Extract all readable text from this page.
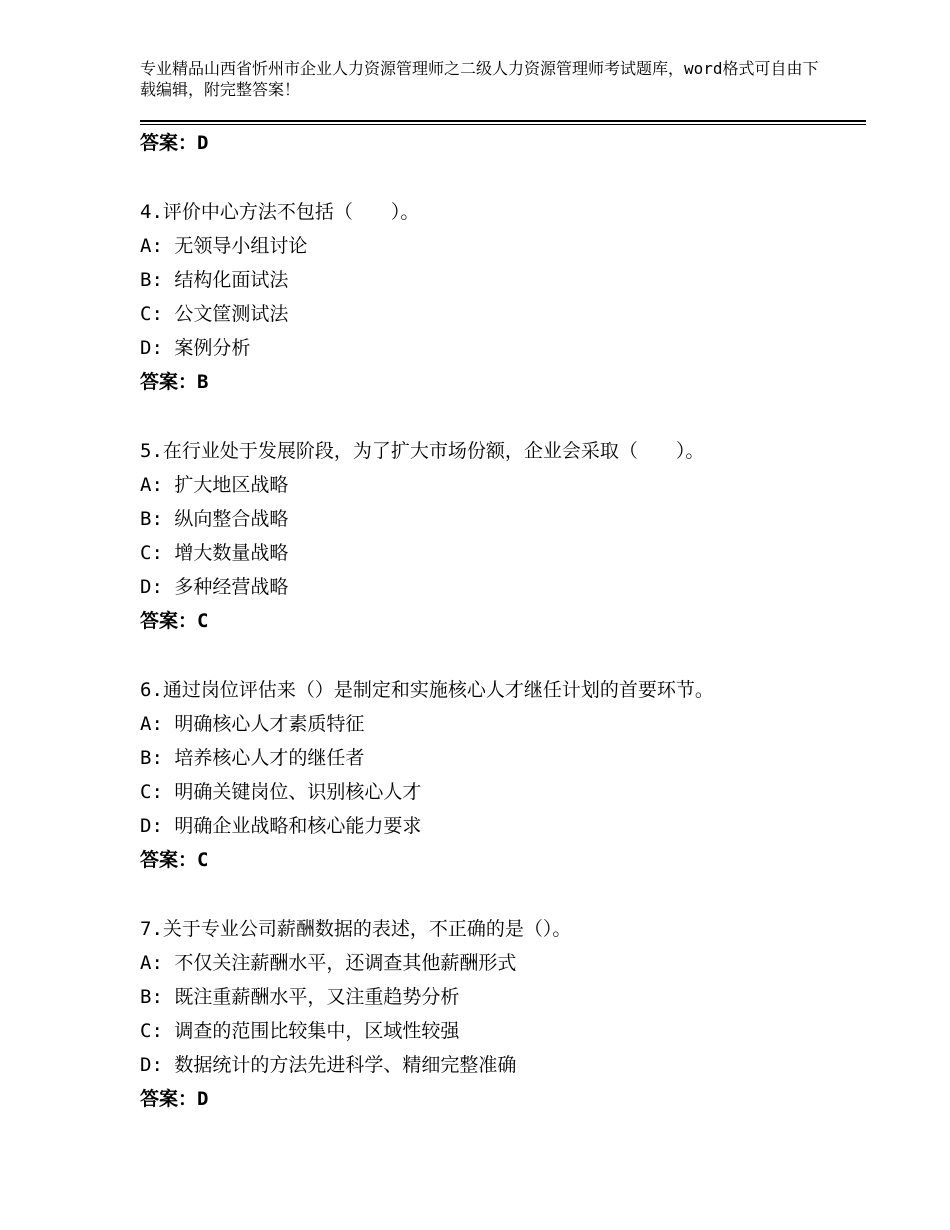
专业精品山西省忻州市企业人力资源管理师之二级人力资源管理师考试题库，word格式可自由下载编辑，附完整答案！
答案：D
4.评价中心方法不包括（　　）。
A: 无领导小组讨论
B: 结构化面试法
C: 公文筐测试法
D: 案例分析
答案：B
5.在行业处于发展阶段，为了扩大市场份额，企业会采取（　　）。
A: 扩大地区战略
B: 纵向整合战略
C: 增大数量战略
D: 多种经营战略
答案：C
6.通过岗位评估来（）是制定和实施核心人才继任计划的首要环节。
A: 明确核心人才素质特征
B: 培养核心人才的继任者
C: 明确关键岗位、识别核心人才
D: 明确企业战略和核心能力要求
答案：C
7.关于专业公司薪酬数据的表述，不正确的是（）。
A: 不仅关注薪酬水平，还调查其他薪酬形式
B: 既注重薪酬水平，又注重趋势分析
C: 调查的范围比较集中，区域性较强
D: 数据统计的方法先进科学、精细完整准确
答案：D
